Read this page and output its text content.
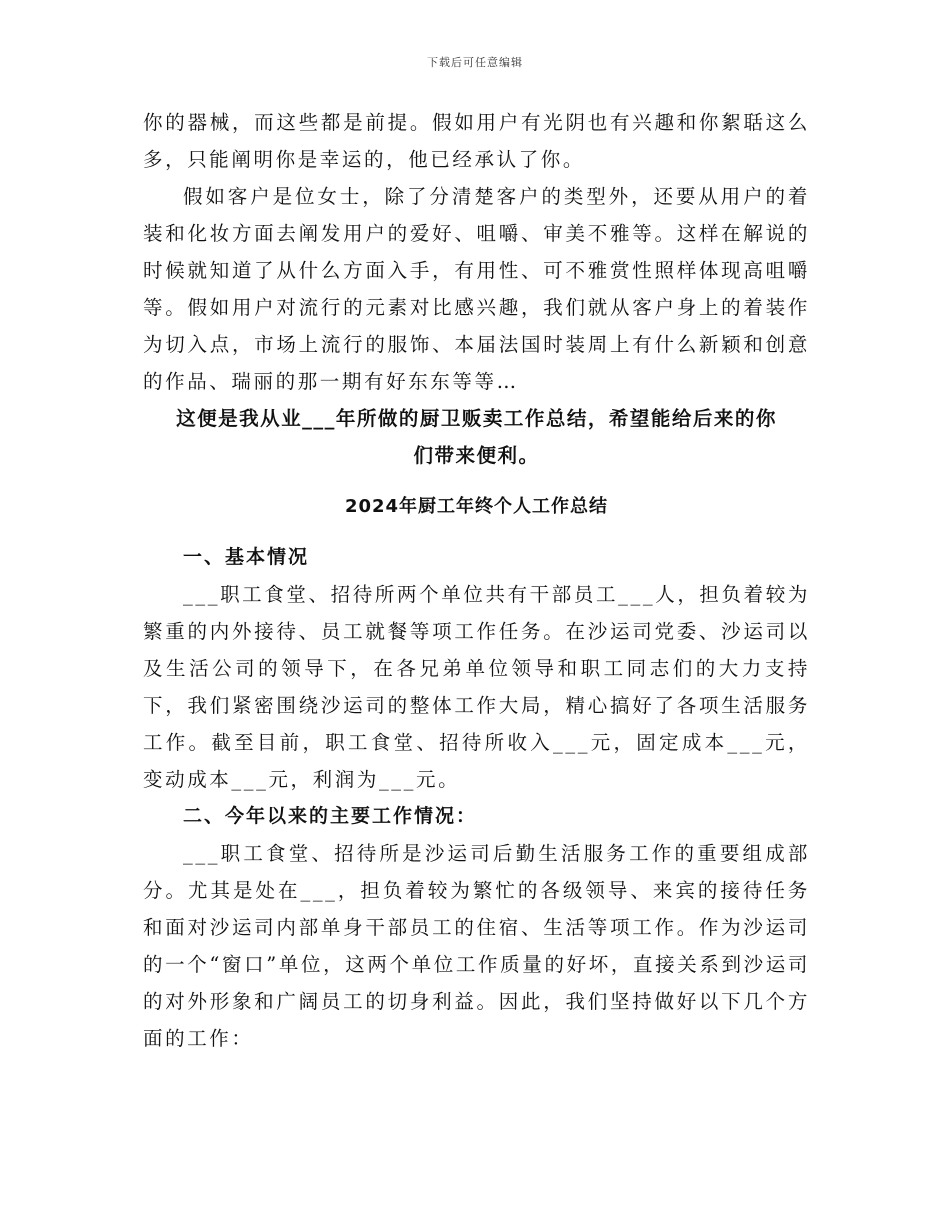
下载后可任意编辑

你的器械，而这些都是前提。假如用户有光阴也有兴趣和你絮聒这么多，只能阐明你是幸运的，他已经承认了你。

假如客户是位女士，除了分清楚客户的类型外，还要从用户的着装和化妆方面去阐发用户的爱好、咀嚼、审美不雅等。这样在解说的时候就知道了从什么方面入手，有用性、可不雅赏性照样体现高咀嚼等。假如用户对流行的元素对比感兴趣，我们就从客户身上的着装作为切入点，市场上流行的服饰、本届法国时装周上有什么新颖和创意的作品、瑞丽的那一期有好东东等等…

这便是我从业___年所做的厨卫贩卖工作总结，希望能给后来的你
们带来便利。

2024年厨工年终个人工作总结

一、基本情况

___职工食堂、招待所两个单位共有干部员工___人，担负着较为繁重的内外接待、员工就餐等项工作任务。在沙运司党委、沙运司以及生活公司的领导下，在各兄弟单位领导和职工同志们的大力支持下，我们紧密围绕沙运司的整体工作大局，精心搞好了各项生活服务工作。截至目前，职工食堂、招待所收入___元，固定成本___元，变动成本___元，利润为___元。

二、今年以来的主要工作情况：

___职工食堂、招待所是沙运司后勤生活服务工作的重要组成部分。尤其是处在___，担负着较为繁忙的各级领导、来宾的接待任务和面对沙运司内部单身干部员工的住宿、生活等项工作。作为沙运司的一个“窗口”单位，这两个单位工作质量的好坏，直接关系到沙运司的对外形象和广阔员工的切身利益。因此，我们坚持做好以下几个方面的工作：
